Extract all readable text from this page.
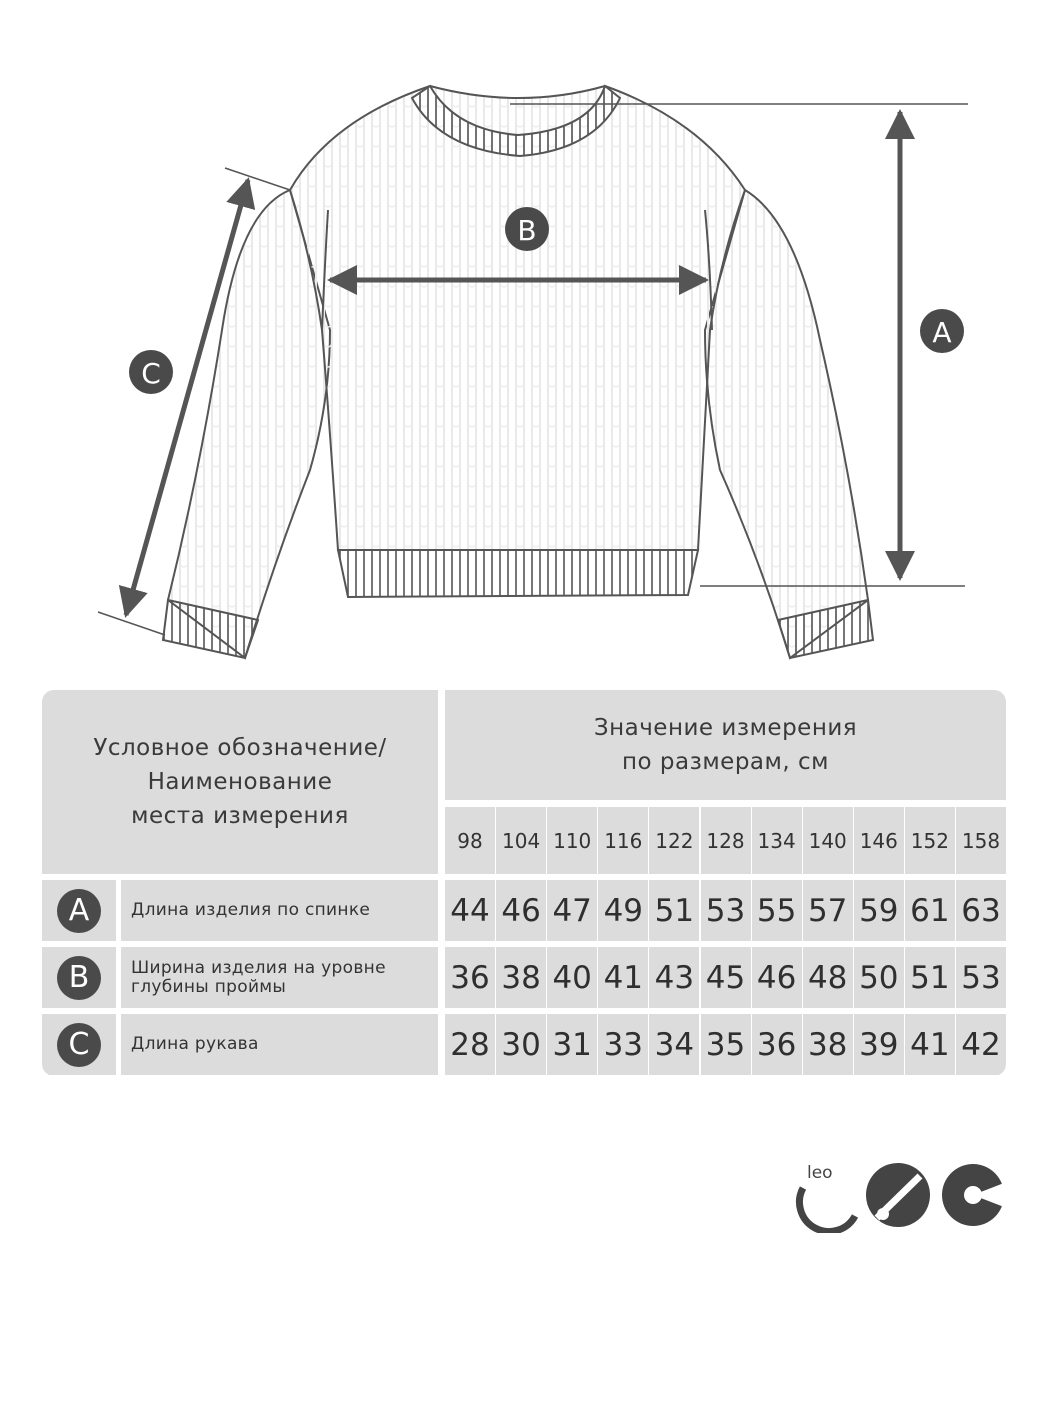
A
B
C
Условное обозначение/
Наименование
места измерения
Значение измерения
по размерам, см
98 104 110 116 122 128 134 140 146 152 158
A	Длина изделия по спинке	44 46 47 49 51 53 55 57 59 61 63
B	Ширина изделия на уровне глубины проймы	36 38 40 41 43 45 46 48 50 51 53
C	Длина рукава	28 30 31 33 34 35 36 38 39 41 42
leo
